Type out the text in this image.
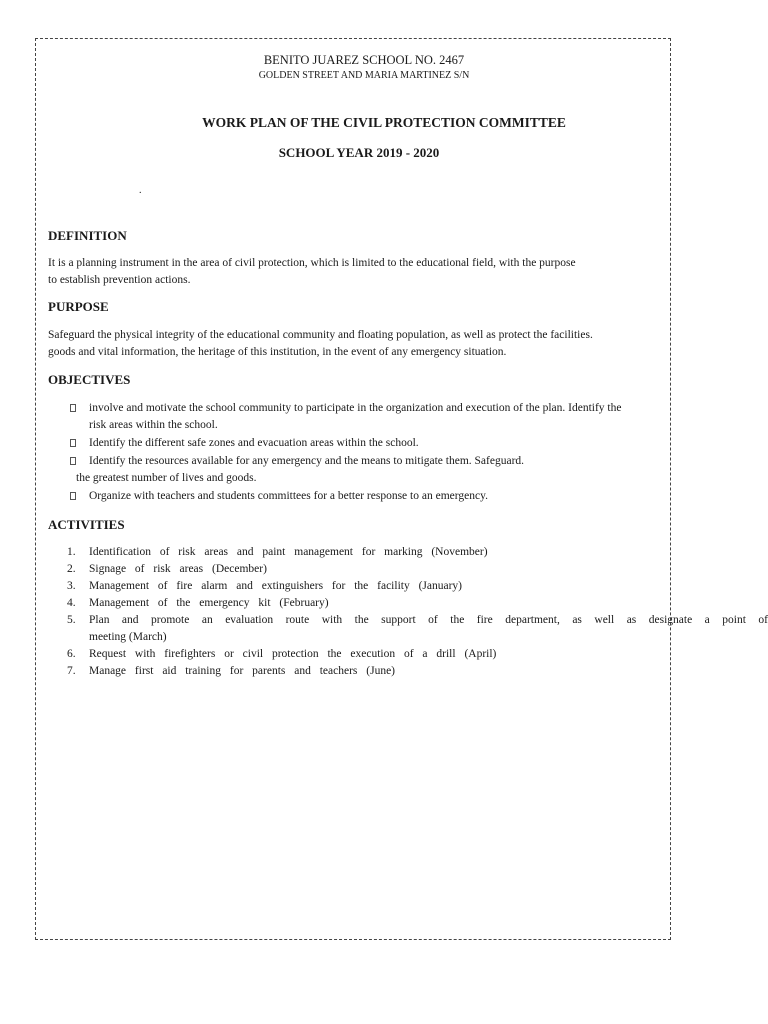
BENITO JUAREZ SCHOOL NO. 2467
GOLDEN STREET AND MARIA MARTINEZ S/N
WORK PLAN OF THE CIVIL PROTECTION COMMITTEE
SCHOOL YEAR 2019 - 2020
.
DEFINITION
It is a planning instrument in the area of civil protection, which is limited to the educational field, with the purpose
to establish prevention actions.
PURPOSE
Safeguard the physical integrity of the educational community and floating population, as well as protect the facilities.
goods and vital information, the heritage of this institution, in the event of any emergency situation.
OBJECTIVES
involve and motivate the school community to participate in the organization and execution of the plan. Identify the
risk areas within the school.
Identify the different safe zones and evacuation areas within the school.
Identify the resources available for any emergency and the means to mitigate them. Safeguard.
the greatest number of lives and goods.
Organize with teachers and students committees for a better response to an emergency.
ACTIVITIES
1. Identification of risk areas and paint management for marking (November)
2. Signage of risk areas (December)
3. Management of fire alarm and extinguishers for the facility (January)
4. Management of the emergency kit (February)
5. Plan and promote an evaluation route with the support of the fire department, as well as designate a point of
meeting (March)
6. Request with firefighters or civil protection the execution of a drill (April)
7. Manage first aid training for parents and teachers (June)
